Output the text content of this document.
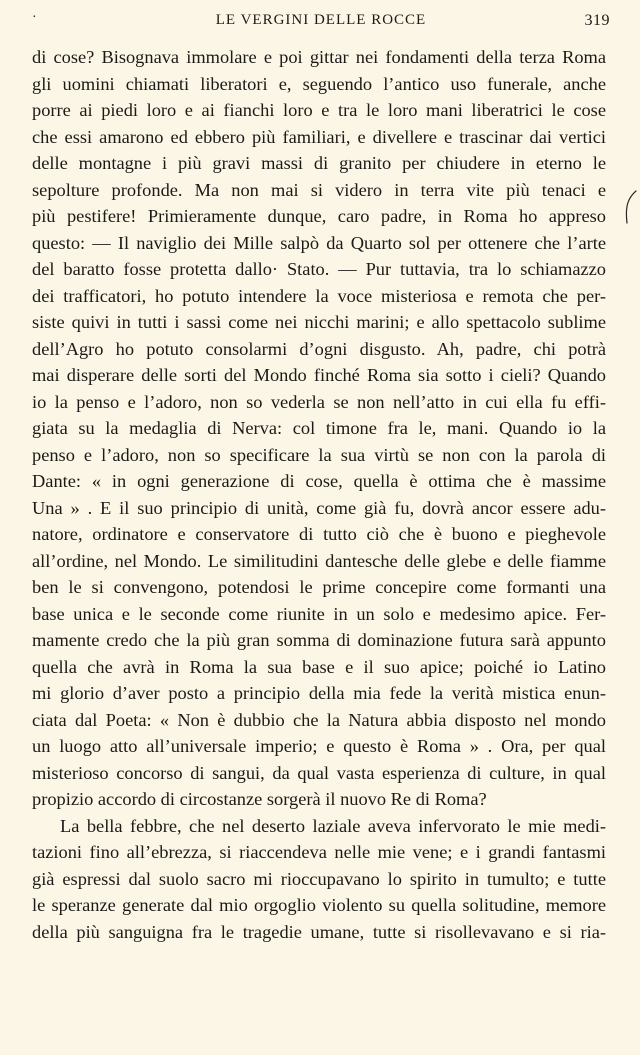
·	LE VERGINI DELLE ROCCE	319
di cose? Bisognava immolare e poi gittar nei fondamenti della terza Roma
gli uomini chiamati liberatori e, seguendo l’antico uso funerale, anche
porre ai piedi loro e ai fianchi loro e tra le loro mani liberatrici le cose
che essi amarono ed ebbero più familiari, e divellere e trascinar dai vertici
delle montagne i più gravi massi di granito per chiudere in eterno le
sepolture profonde. Ma non mai si videro in terra vite più tenaci e
più pestifere! Primieramente dunque, caro padre, in Roma ho appreso
questo: — Il naviglio dei Mille salpò da Quarto sol per ottenere che l’arte
del baratto fosse protetta dallo· Stato. — Pur tuttavia, tra lo schiamazzo
dei trafficatori, ho potuto intendere la voce misteriosa e remota che per-
siste quivi in tutti i sassi come nei nicchi marini; e allo spettacolo sublime
dell’Agro ho potuto consolarmi d’ogni disgusto. Ah, padre, chi potrà
mai disperare delle sorti del Mondo finché Roma sia sotto i cieli? Quando
io la penso e l’adoro, non so vederla se non nell’atto in cui ella fu effi-
giata su la medaglia di Nerva: col timone fra le, mani. Quando io la
penso e l’adoro, non so specificare la sua virtù se non con la parola di
Dante: « in ogni generazione di cose, quella è ottima che è massime
Una » . E il suo principio di unità, come già fu, dovrà ancor essere adu-
natore, ordinatore e conservatore di tutto ciò che è buono e pieghevole
all’ordine, nel Mondo. Le similitudini dantesche delle glebe e delle fiamme
ben le si convengono, potendosi le prime concepire come formanti una
base unica e le seconde come riunite in un solo e medesimo apice. Fer-
mamente credo che la più gran somma di dominazione futura sarà appunto
quella che avrà in Roma la sua base e il suo apice; poiché io Latino
mi glorio d’aver posto a principio della mia fede la verità mistica enun-
ciata dal Poeta: « Non è dubbio che la Natura abbia disposto nel mondo
un luogo atto all’universale imperio; e questo è Roma » . Ora, per qual
misterioso concorso di sangui, da qual vasta esperienza di culture, in qual
propizio accordo di circostanze sorgerà il nuovo Re di Roma?
La bella febbre, che nel deserto laziale aveva infervorato le mie medi-
tazioni fino all’ebrezza, si riaccendeva nelle mie vene; e i grandi fantasmi
già espressi dal suolo sacro mi rioccupavano lo spirito in tumulto; e tutte
le speranze generate dal mio orgoglio violento su quella solitudine, memore
della più sanguigna fra le tragedie umane, tutte si risollevavano e si ria-
